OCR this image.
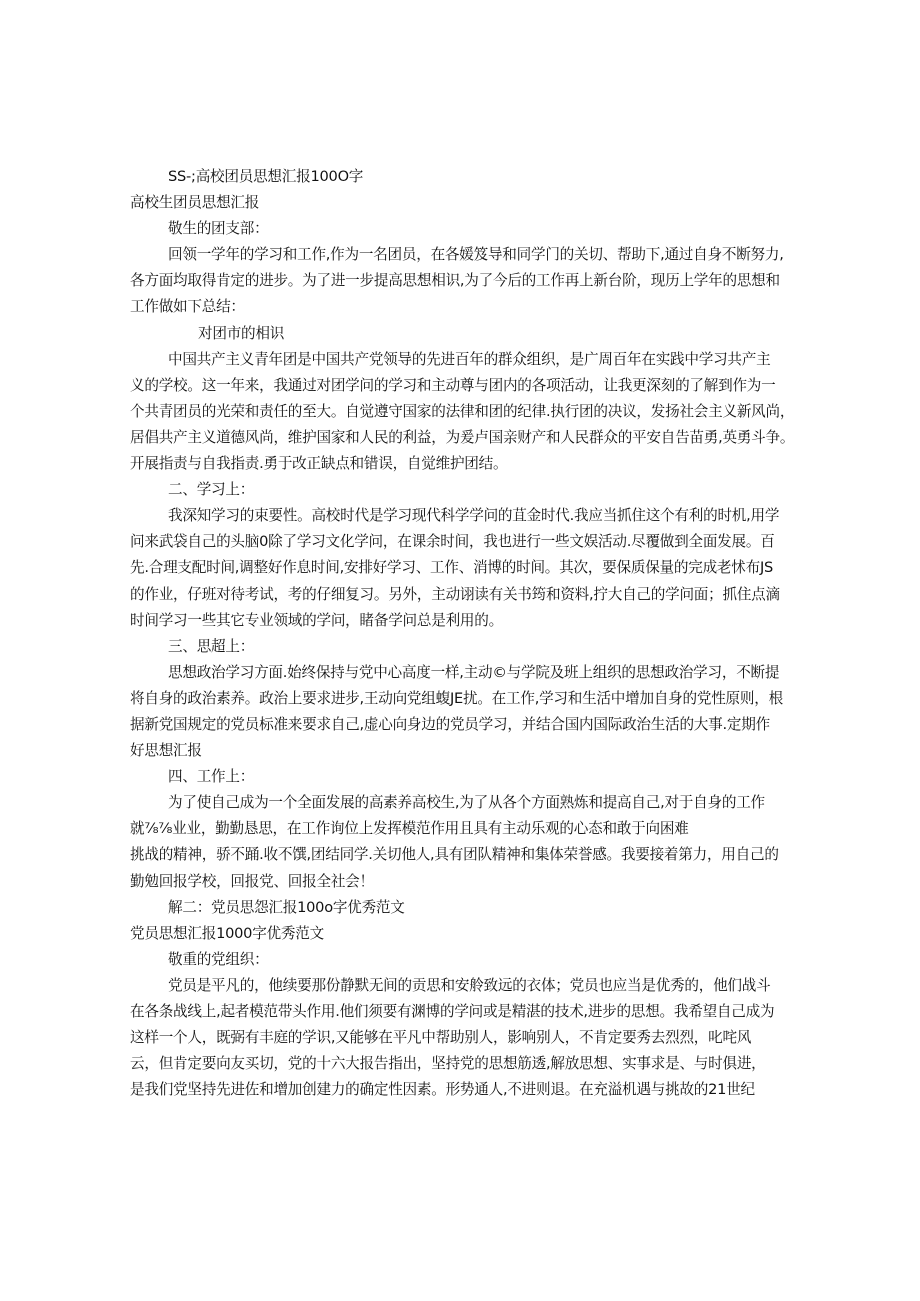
SS-;高校团员思想汇报100O字
高校生团员思想汇报
敬生的团支部：
回领一学年的学习和工作,作为一名团员，在各媛笈导和同学门的关切、帮助下,通过自身不断努力,
各方面均取得肯定的进步。为了进一步提高思想相识,为了今后的工作再上新台阶，现历上学年的思想和
工作做如下总结：
对团市的相识
中国共产主义青年团是中国共产党领导的先进百年的群众组织，是广周百年在实践中学习共产主
义的学校。这一年来，我通过对团学问的学习和主动尊与团内的各项活动，让我更深刻的了解到作为一
个共青团员的光荣和责任的至大。自觉遵守国家的法律和团的纪律.执行团的决议，发扬社会主义新风尚，
居倡共产主义道德风尚，维护国家和人民的利益，为爰卢国亲财产和人民群众的平安自告苗勇,英勇斗争。
开展指责与自我指责.勇于改正缺点和错误，自觉维护团结。
二、学习上：
我深知学习的束要性。高校时代是学习现代科学学问的苴金时代.我应当抓住这个有利的时机,用学
问来武袋自己的头脑0除了学习文化学问，在课余时间，我也进行一些文娱活动.尽覆做到全面发展。百
先.合理支配时间,调整好作息时间,安排好学习、工作、消博的时间。其次，要保质保量的完成老怵布JS
的作业，仔班对待考试，考的仔细复习。另外，主动诩读有关书筠和资料,拧大自己的学问面；抓住点滴
时间学习一些其它专业领域的学问，睹备学问总是利用的。
三、思超上：
思想政治学习方面.始终保持与党中心高度一样,主动©与学院及班上组织的思想政治学习，不断提
将自身的政治素养。政治上要求进步,王动向党组蝮JE扰。在工作,学习和生活中增加自身的党性原则，根
据新党国规定的党员标准来要求自己,虚心向身边的党员学习，并结合国内国际政治生活的大事.定期作
好思想汇报
四、工作上：
为了使自己成为一个全面发展的高素养高校生,为了从各个方面熟炼和提高自己,对于自身的工作
就⅞⅞业业，勤勤恳思，在工作询位上发挥模范作用且具有主动乐观的心态和敢于向困难
挑战的精神，骄不踊.收不馔,团结同学.关切他人,具有团队精神和集体荣誉感。我要接着第力，用自己的
勤勉回报学校，回报党、回报全社会！
解二：党员思怨汇报100o字优秀范文
党员思想汇报1000字优秀范文
敬重的党组织：
党员是平凡的，他续要那份静默无间的贡思和安舲致远的衣体；党员也应当是优秀的，他们战斗
在各条战线上,起者模范带头作用.他们须要有渊博的学问或是精湛的技术,进步的思想。我希望自己成为
这样一个人，既弼有丰庭的学识,又能够在平凡中帮助别人，影响别人，不肯定要秀去烈烈，叱咤风
云，但肯定要向友买切，党的十六大报告指出，坚持党的思想筋透,解放思想、实事求是、与时俱进，
是我们党坚持先进佐和增加创建力的确定性因素。形势通人,不进则退。在充溢机遇与挑故的21世纪
